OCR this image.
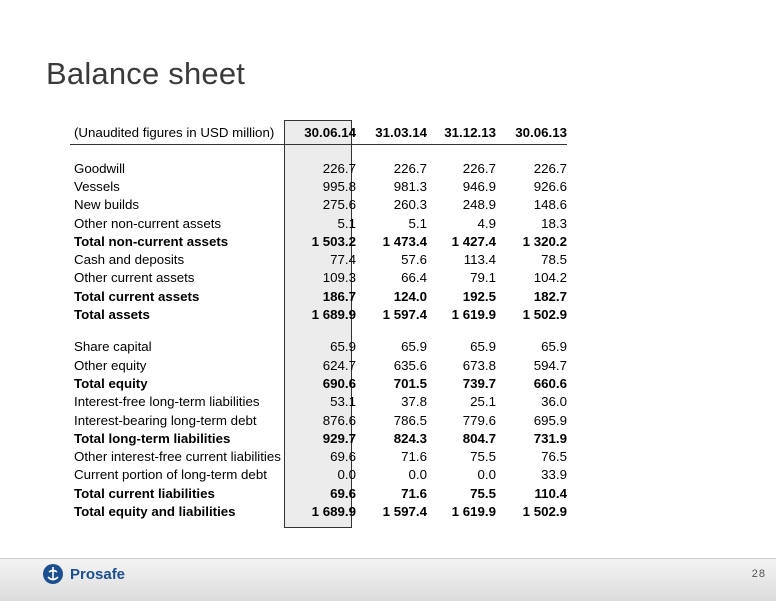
Balance sheet
(Unaudited figures in USD million)	30.06.14	31.03.14	31.12.13	30.06.13

Goodwill	226.7	226.7	226.7	226.7
Vessels	995.8	981.3	946.9	926.6
New builds	275.6	260.3	248.9	148.6
Other non-current assets	5.1	5.1	4.9	18.3
Total non-current assets	1 503.2	1 473.4	1 427.4	1 320.2
Cash and deposits	77.4	57.6	113.4	78.5
Other current assets	109.3	66.4	79.1	104.2
Total current assets	186.7	124.0	192.5	182.7
Total assets	1 689.9	1 597.4	1 619.9	1 502.9

Share capital	65.9	65.9	65.9	65.9
Other equity	624.7	635.6	673.8	594.7
Total equity	690.6	701.5	739.7	660.6
Interest-free long-term liabilities	53.1	37.8	25.1	36.0
Interest-bearing long-term debt	876.6	786.5	779.6	695.9
Total long-term liabilities	929.7	824.3	804.7	731.9
Other interest-free current liabilities	69.6	71.6	75.5	76.5
Current portion of long-term debt	0.0	0.0	0.0	33.9
Total current liabilities	69.6	71.6	75.5	110.4
Total equity and liabilities	1 689.9	1 597.4	1 619.9	1 502.9
Prosafe	28
